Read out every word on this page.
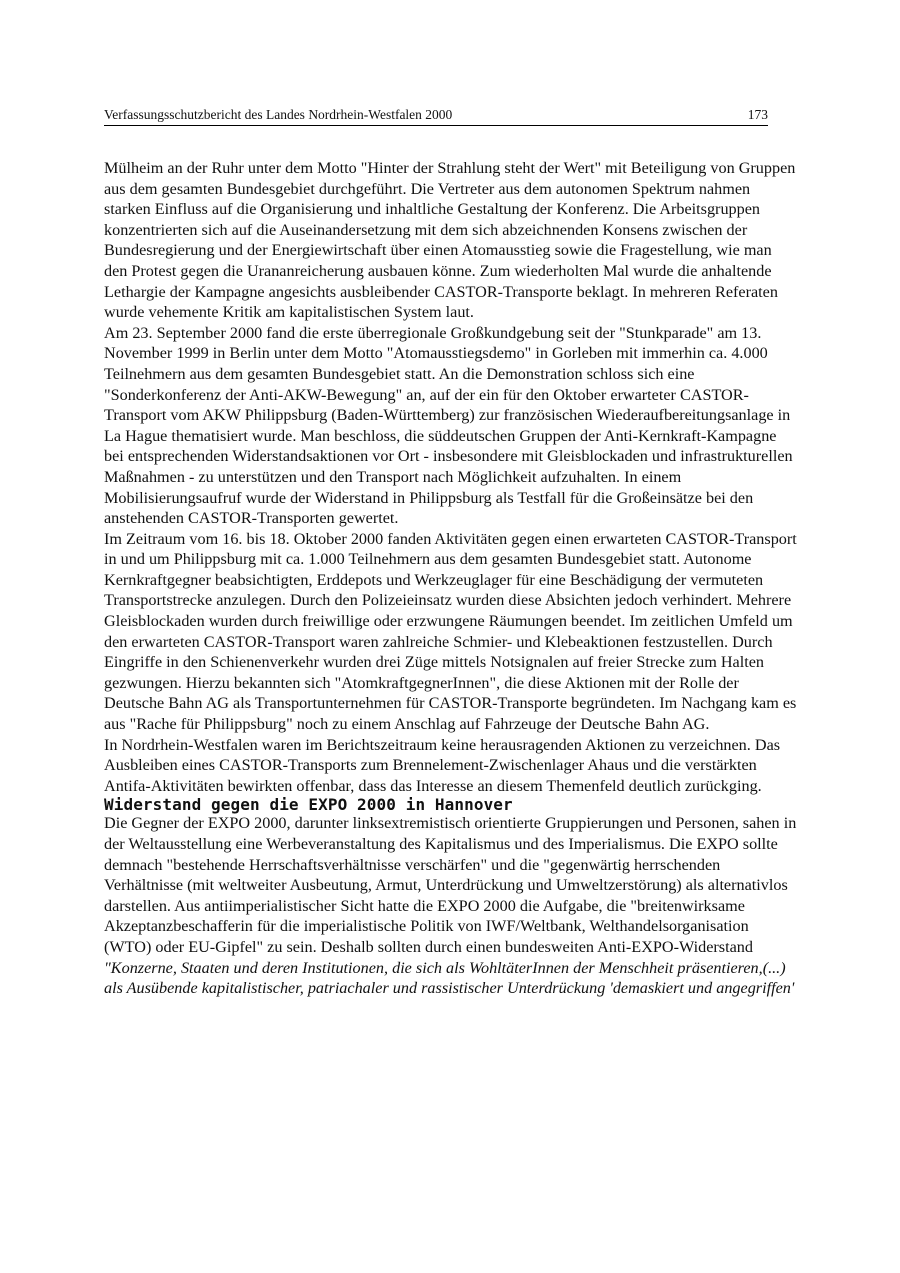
Verfassungsschutzbericht des Landes Nordrhein-Westfalen 2000	173

Mülheim an der Ruhr unter dem Motto "Hinter der Strahlung steht der Wert" mit Beteiligung von Gruppen aus dem gesamten Bundesgebiet durchgeführt. Die Vertreter aus dem autonomen Spektrum nahmen starken Einfluss auf die Organisierung und inhaltliche Gestaltung der Konferenz. Die Arbeitsgruppen konzentrierten sich auf die Auseinandersetzung mit dem sich abzeichnenden Konsens zwischen der Bundesregierung und der Energiewirtschaft über einen Atomausstieg sowie die Fragestellung, wie man den Protest gegen die Urananreicherung ausbauen könne. Zum wiederholten Mal wurde die anhaltende Lethargie der Kampagne angesichts ausbleibender CASTOR-Transporte beklagt. In mehreren Referaten wurde vehemente Kritik am kapitalistischen System laut.

Am 23. September 2000 fand die erste überregionale Großkundgebung seit der "Stunkparade" am 13. November 1999 in Berlin unter dem Motto "Atomausstiegsdemo" in Gorleben mit immerhin ca. 4.000 Teilnehmern aus dem gesamten Bundesgebiet statt. An die Demonstration schloss sich eine "Sonderkonferenz der Anti-AKW-Bewegung" an, auf der ein für den Oktober erwarteter CASTOR-Transport vom AKW Philippsburg (Baden-Württemberg) zur französischen Wiederaufbereitungsanlage in La Hague thematisiert wurde. Man beschloss, die süddeutschen Gruppen der Anti-Kernkraft-Kampagne bei entsprechenden Widerstandsaktionen vor Ort - insbesondere mit Gleisblockaden und infrastrukturellen Maßnahmen - zu unterstützen und den Transport nach Möglichkeit aufzuhalten. In einem Mobilisierungsaufruf wurde der Widerstand in Philippsburg als Testfall für die Großeinsätze bei den anstehenden CASTOR-Transporten gewertet.

Im Zeitraum vom 16. bis 18. Oktober 2000 fanden Aktivitäten gegen einen erwarteten CASTOR-Transport in und um Philippsburg mit ca. 1.000 Teilnehmern aus dem gesamten Bundesgebiet statt. Autonome Kernkraftgegner beabsichtigten, Erddepots und Werkzeuglager für eine Beschädigung der vermuteten Transportstrecke anzulegen. Durch den Polizeieinsatz wurden diese Absichten jedoch verhindert. Mehrere Gleisblockaden wurden durch freiwillige oder erzwungene Räumungen beendet. Im zeitlichen Umfeld um den erwarteten CASTOR-Transport waren zahlreiche Schmier- und Klebeaktionen festzustellen. Durch Eingriffe in den Schienenverkehr wurden drei Züge mittels Notsignalen auf freier Strecke zum Halten gezwungen. Hierzu bekannten sich "AtomkraftgegnerInnen", die diese Aktionen mit der Rolle der Deutsche Bahn AG als Transportunternehmen für CASTOR-Transporte begründeten. Im Nachgang kam es aus "Rache für Philippsburg" noch zu einem Anschlag auf Fahrzeuge der Deutsche Bahn AG.

In Nordrhein-Westfalen waren im Berichtszeitraum keine herausragenden Aktionen zu verzeichnen. Das Ausbleiben eines CASTOR-Transports zum Brennelement-Zwischenlager Ahaus und die verstärkten Antifa-Aktivitäten bewirkten offenbar, dass das Interesse an diesem Themenfeld deutlich zurückging.

Widerstand gegen die EXPO 2000 in Hannover

Die Gegner der EXPO 2000, darunter linksextremistisch orientierte Gruppierungen und Personen, sahen in der Weltausstellung eine Werbeveranstaltung des Kapitalismus und des Imperialismus. Die EXPO sollte demnach "bestehende Herrschaftsverhältnisse verschärfen" und die "gegenwärtig herrschenden Verhältnisse (mit weltweiter Ausbeutung, Armut, Unterdrückung und Umweltzerstörung) als alternativlos darstellen. Aus antiimperialistischer Sicht hatte die EXPO 2000 die Aufgabe, die "breitenwirksame Akzeptanzbeschafferin für die imperialistische Politik von IWF/Weltbank, Welthandelsorganisation (WTO) oder EU-Gipfel" zu sein. Deshalb sollten durch einen bundesweiten Anti-EXPO-Widerstand "Konzerne, Staaten und deren Institutionen, die sich als WohltäterInnen der Menschheit präsentieren,(...) als Ausübende kapitalistischer, patriachaler und rassistischer Unterdrückung 'demaskiert und angegriffen'
